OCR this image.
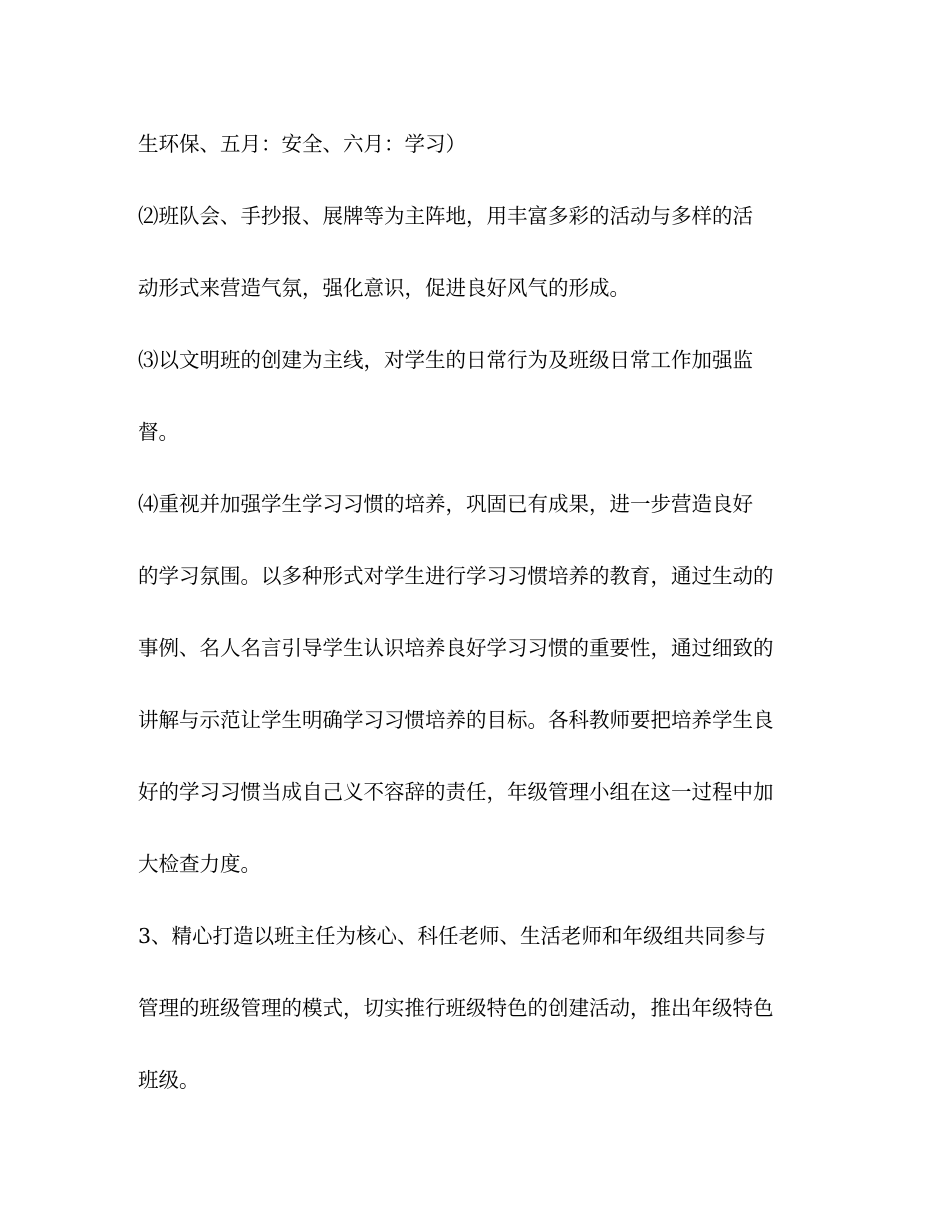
生环保、五月：安全、六月：学习）
⑵班队会、手抄报、展牌等为主阵地，用丰富多彩的活动与多样的活
动形式来营造气氛，强化意识，促进良好风气的形成。
⑶以文明班的创建为主线，对学生的日常行为及班级日常工作加强监
督。
⑷重视并加强学生学习习惯的培养，巩固已有成果，进一步营造良好
的学习氛围。以多种形式对学生进行学习习惯培养的教育，通过生动的
事例、名人名言引导学生认识培养良好学习习惯的重要性，通过细致的
讲解与示范让学生明确学习习惯培养的目标。各科教师要把培养学生良
好的学习习惯当成自己义不容辞的责任，年级管理小组在这一过程中加
大检查力度。
3、精心打造以班主任为核心、科任老师、生活老师和年级组共同参与
管理的班级管理的模式，切实推行班级特色的创建活动，推出年级特色
班级。
